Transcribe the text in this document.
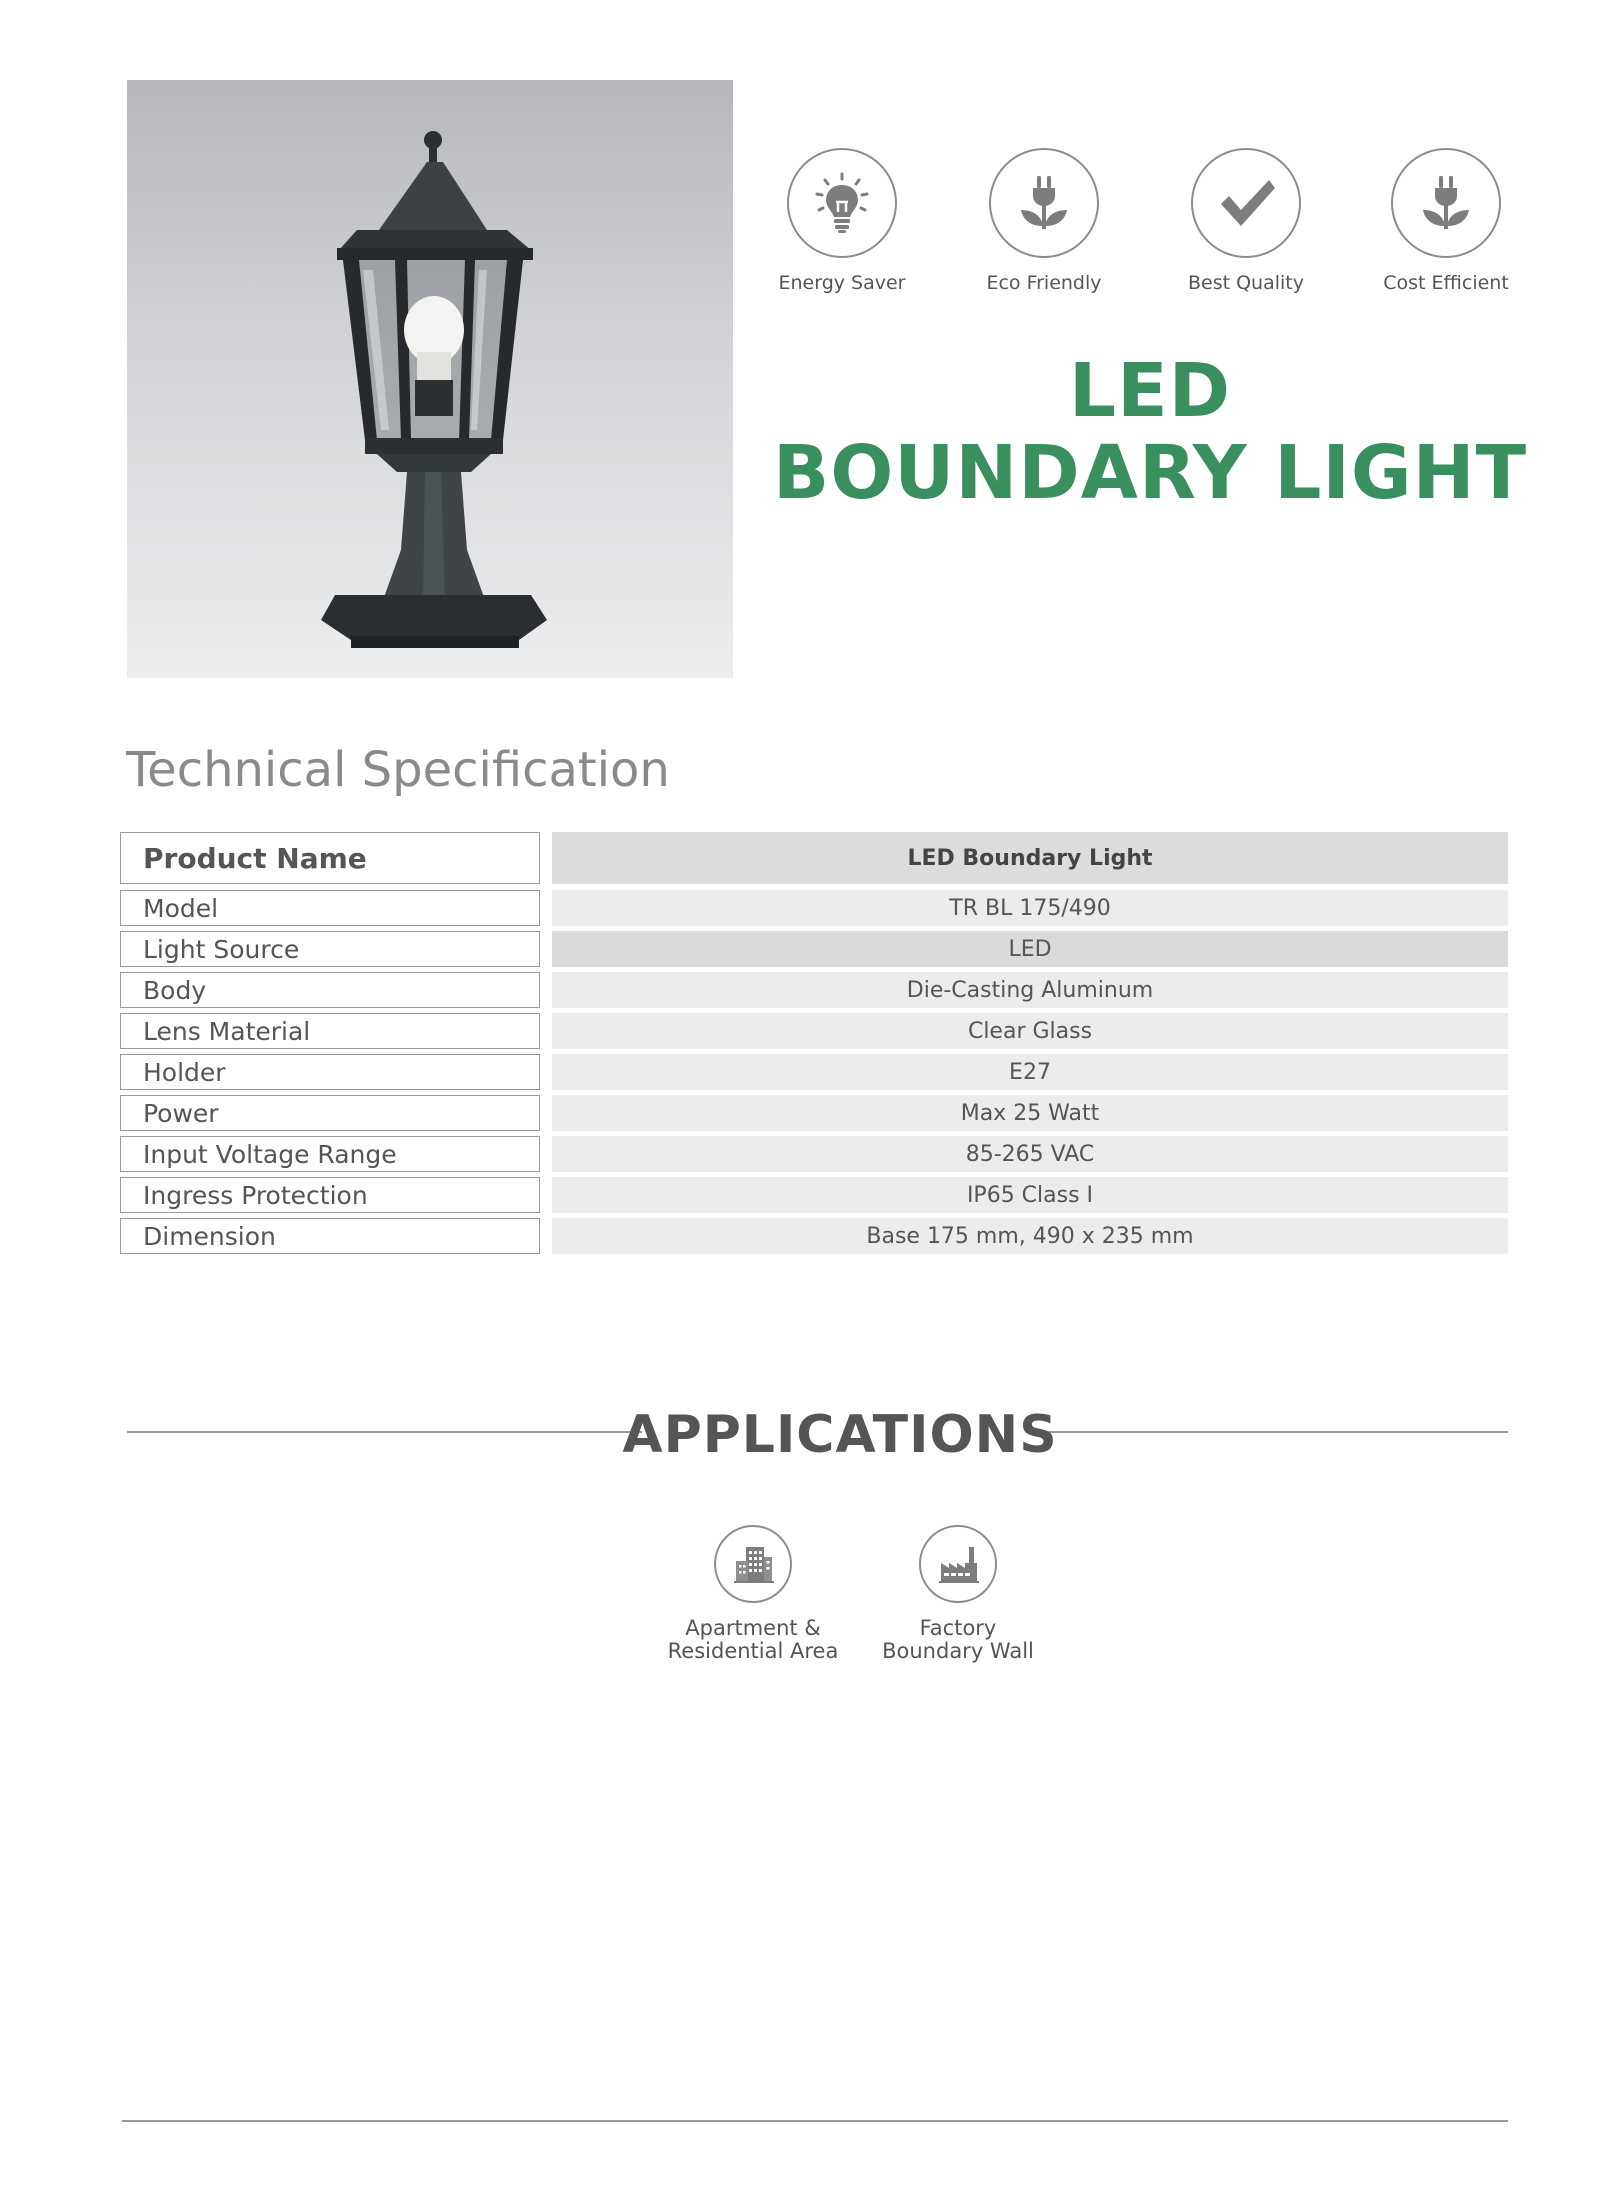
Energy Saver	Eco Friendly	Best Quality	Cost Efficient
LED
BOUNDARY LIGHT
Technical Specification
Product Name	LED Boundary Light
Model	TR BL 175/490
Light Source	LED
Body	Die-Casting Aluminum
Lens Material	Clear Glass
Holder	E27
Power	Max 25 Watt
Input Voltage Range	85-265 VAC
Ingress Protection	IP65 Class I
Dimension	Base 175 mm, 490 x 235 mm
APPLICATIONS
Apartment &
Residential Area
Factory
Boundary Wall
